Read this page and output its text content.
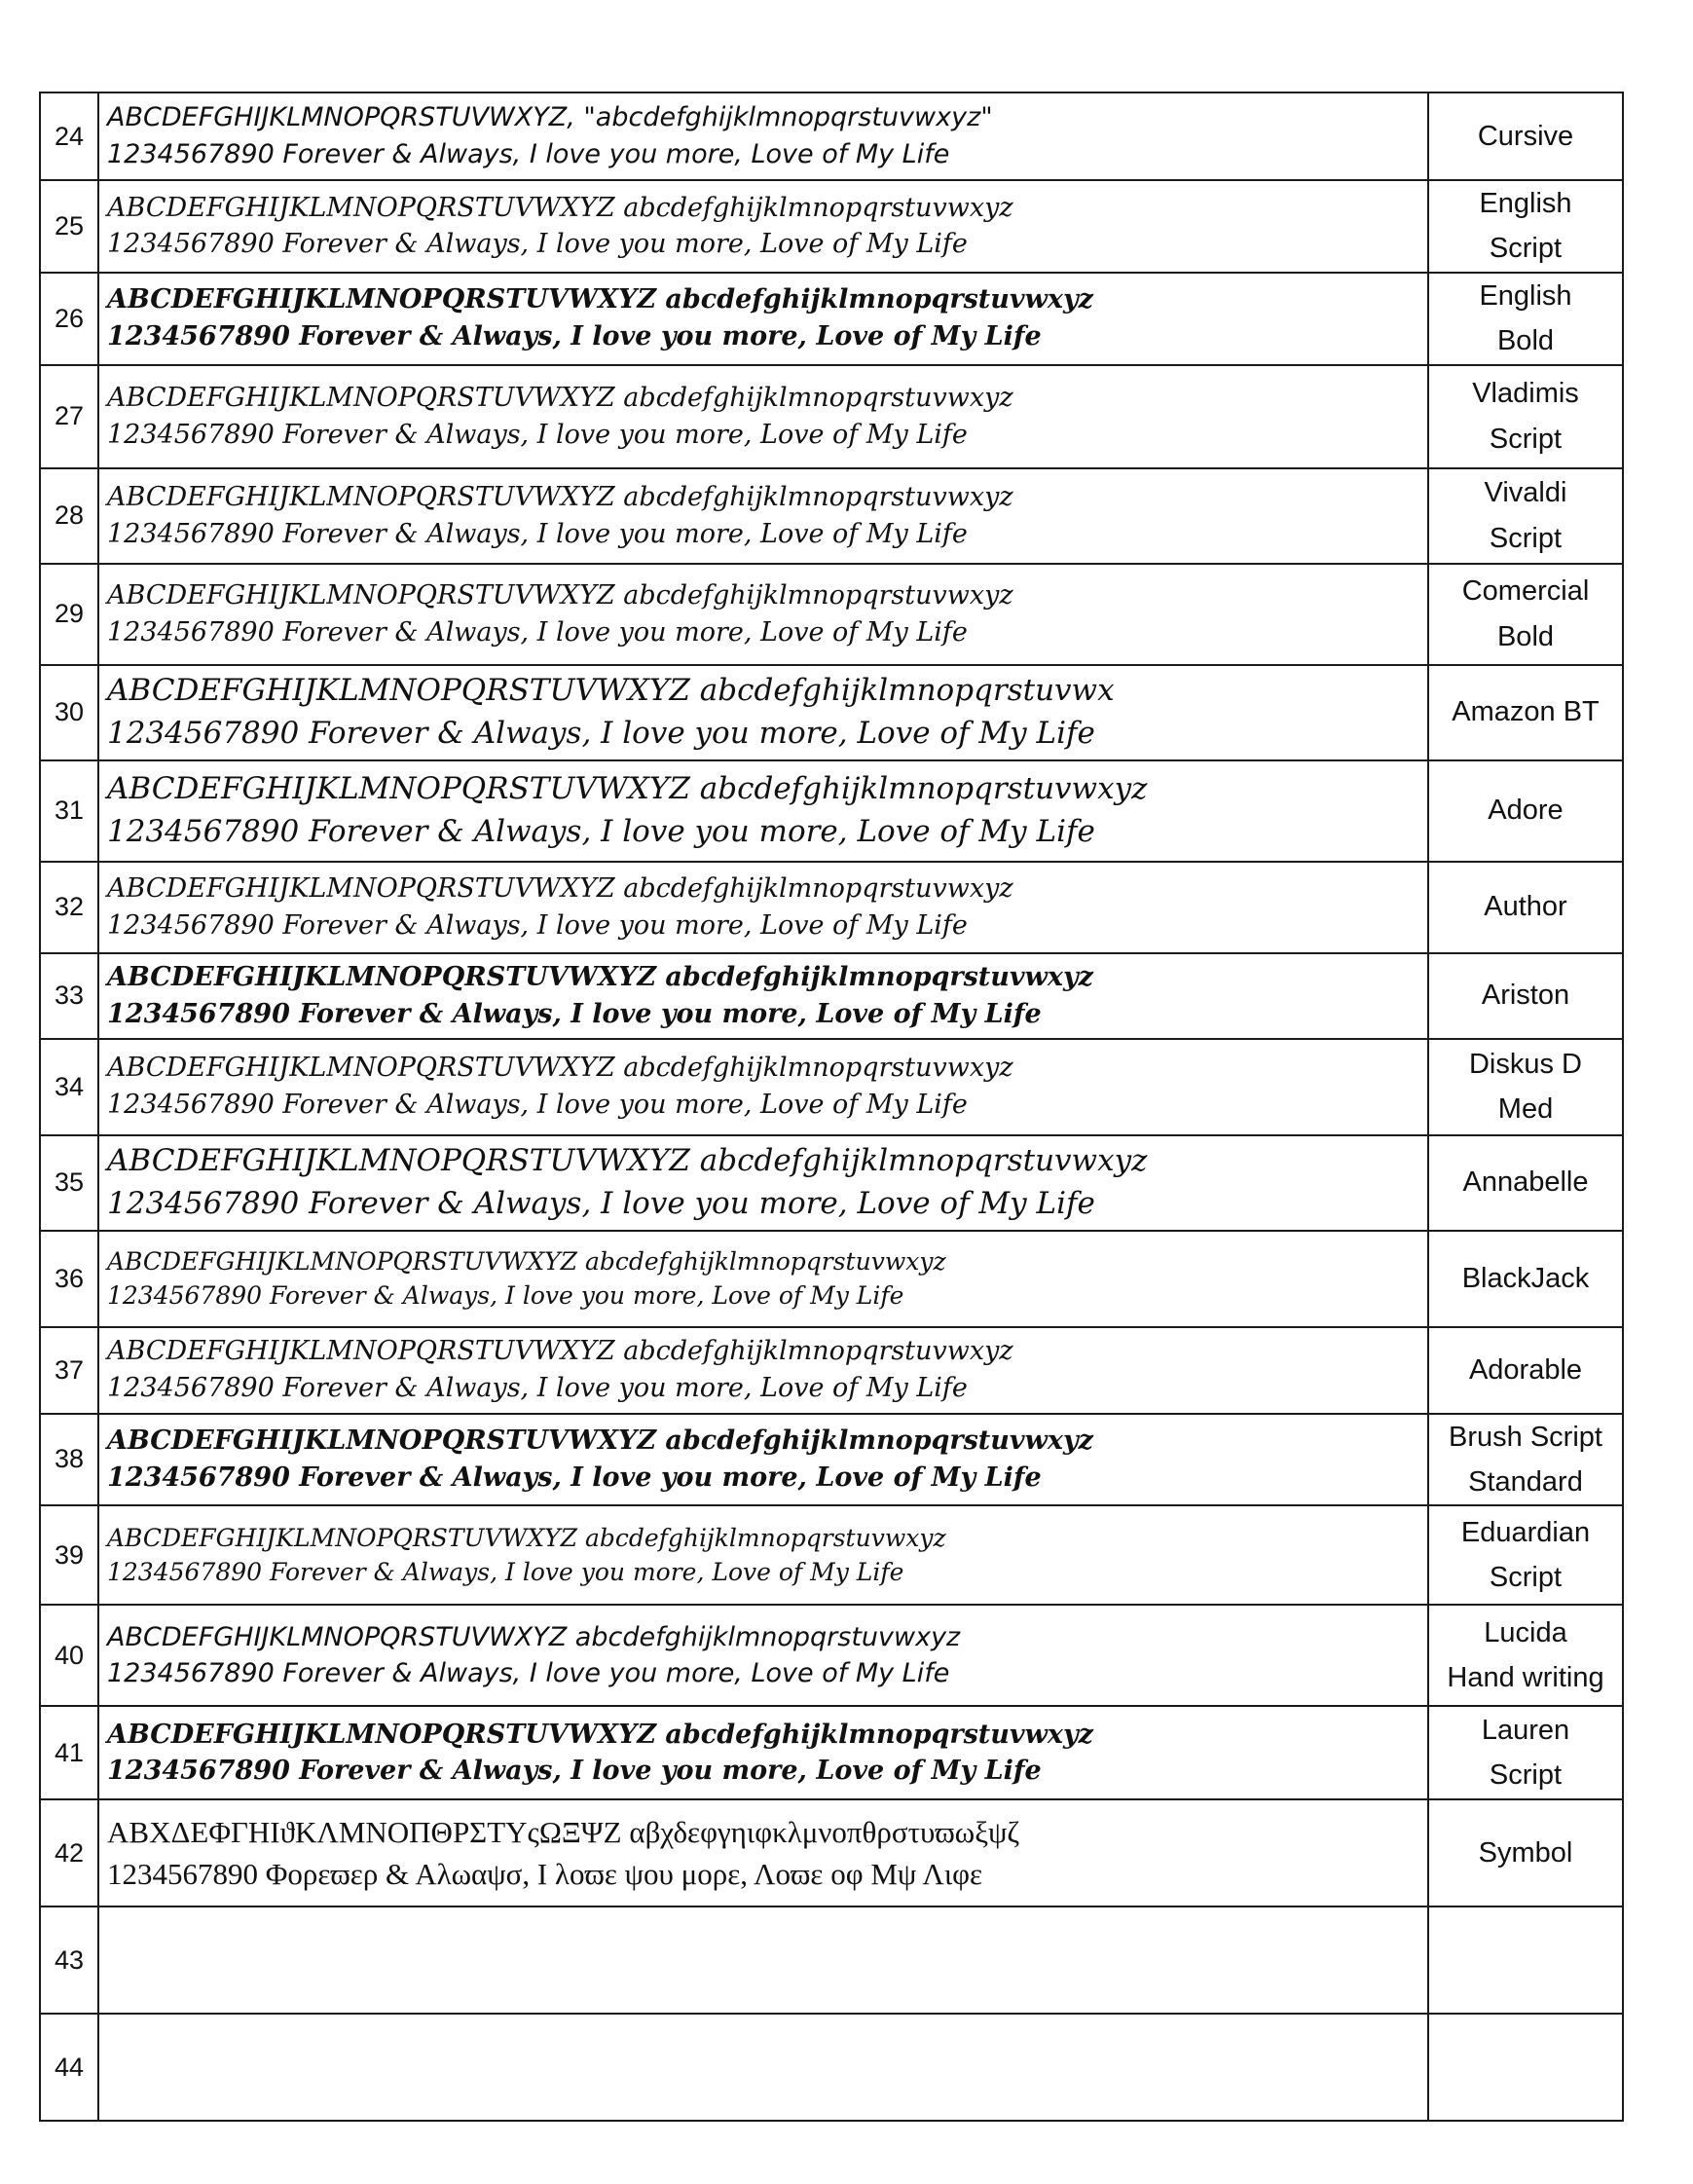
24	ABCDEFGHIJKLMNOPQRSTUVWXYZ, "abcdefghijklmnopqrstuvwxyz"
1234567890 Forever & Always, I love you more, Love of My Life	Cursive

25	ABCDEFGHIJKLMNOPQRSTUVWXYZ abcdefghijklmnopqrstuvwxyz
1234567890 Forever & Always, I love you more, Love of My Life	English
Script

26	ABCDEFGHIJKLMNOPQRSTUVWXYZ abcdefghijklmnopqrstuvwxyz
1234567890 Forever & Always, I love you more, Love of My Life	English
Bold

27	ABCDEFGHIJKLMNOPQRSTUVWXYZ abcdefghijklmnopqrstuvwxyz
1234567890 Forever & Always, I love you more, Love of My Life	Vladimis
Script

28	ABCDEFGHIJKLMNOPQRSTUVWXYZ abcdefghijklmnopqrstuvwxyz
1234567890 Forever & Always, I love you more, Love of My Life	Vivaldi
Script

29	ABCDEFGHIJKLMNOPQRSTUVWXYZ abcdefghijklmnopqrstuvwxyz
1234567890 Forever & Always, I love you more, Love of My Life	Comercial
Bold

30	ABCDEFGHIJKLMNOPQRSTUVWXYZ abcdefghijklmnopqrstuvwx
1234567890 Forever & Always, I love you more, Love of My Life	Amazon BT

31	ABCDEFGHIJKLMNOPQRSTUVWXYZ abcdefghijklmnopqrstuvwxyz
1234567890 Forever & Always, I love you more, Love of My Life	Adore

32	ABCDEFGHIJKLMNOPQRSTUVWXYZ abcdefghijklmnopqrstuvwxyz
1234567890 Forever & Always, I love you more, Love of My Life	Author

33	ABCDEFGHIJKLMNOPQRSTUVWXYZ abcdefghijklmnopqrstuvwxyz
1234567890 Forever & Always, I love you more, Love of My Life	Ariston

34	ABCDEFGHIJKLMNOPQRSTUVWXYZ abcdefghijklmnopqrstuvwxyz
1234567890 Forever & Always, I love you more, Love of My Life	Diskus D
Med

35	ABCDEFGHIJKLMNOPQRSTUVWXYZ abcdefghijklmnopqrstuvwxyz
1234567890 Forever & Always, I love you more, Love of My Life	Annabelle

36	ABCDEFGHIJKLMNOPQRSTUVWXYZ abcdefghijklmnopqrstuvwxyz
1234567890 Forever & Always, I love you more, Love of My Life	BlackJack

37	ABCDEFGHIJKLMNOPQRSTUVWXYZ abcdefghijklmnopqrstuvwxyz
1234567890 Forever & Always, I love you more, Love of My Life	Adorable

38	ABCDEFGHIJKLMNOPQRSTUVWXYZ abcdefghijklmnopqrstuvwxyz
1234567890 Forever & Always, I love you more, Love of My Life	Brush Script
Standard

39	ABCDEFGHIJKLMNOPQRSTUVWXYZ abcdefghijklmnopqrstuvwxyz
1234567890 Forever & Always, I love you more, Love of My Life	Eduardian
Script

40	ABCDEFGHIJKLMNOPQRSTUVWXYZ abcdefghijklmnopqrstuvwxyz
1234567890 Forever & Always, I love you more, Love of My Life	Lucida
Hand writing

41	ABCDEFGHIJKLMNOPQRSTUVWXYZ abcdefghijklmnopqrstuvwxyz
1234567890 Forever & Always, I love you more, Love of My Life	Lauren
Script

42	ΑΒΧΔΕΦΓΗΙϑΚΛΜΝΟΠΘΡΣΤΥςΩΞΨΖ αβχδεφγηιφκλμνοπθρστυϖωξψζ
1234567890 Φορεϖερ & Αλωαψσ, Ι λοϖε ψου μορε, Λοϖε οφ Μψ Λιφε	Symbol

43	

44	
